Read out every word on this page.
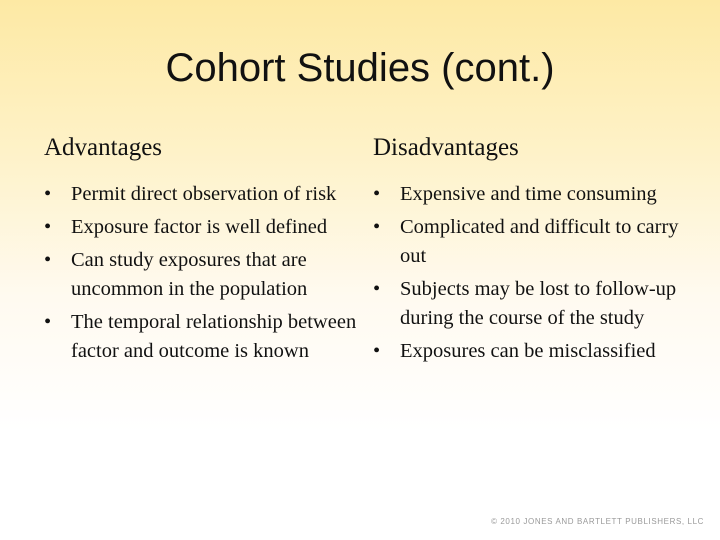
Cohort Studies (cont.)
Advantages
• Permit direct observation of risk
• Exposure factor is well defined
• Can study exposures that are uncommon in the population
• The temporal relationship between factor and outcome is known
Disadvantages
• Expensive and time consuming
• Complicated and difficult to carry out
• Subjects may be lost to follow-up during the course of the study
• Exposures can be misclassified
© 2010 JONES AND BARTLETT PUBLISHERS, LLC
